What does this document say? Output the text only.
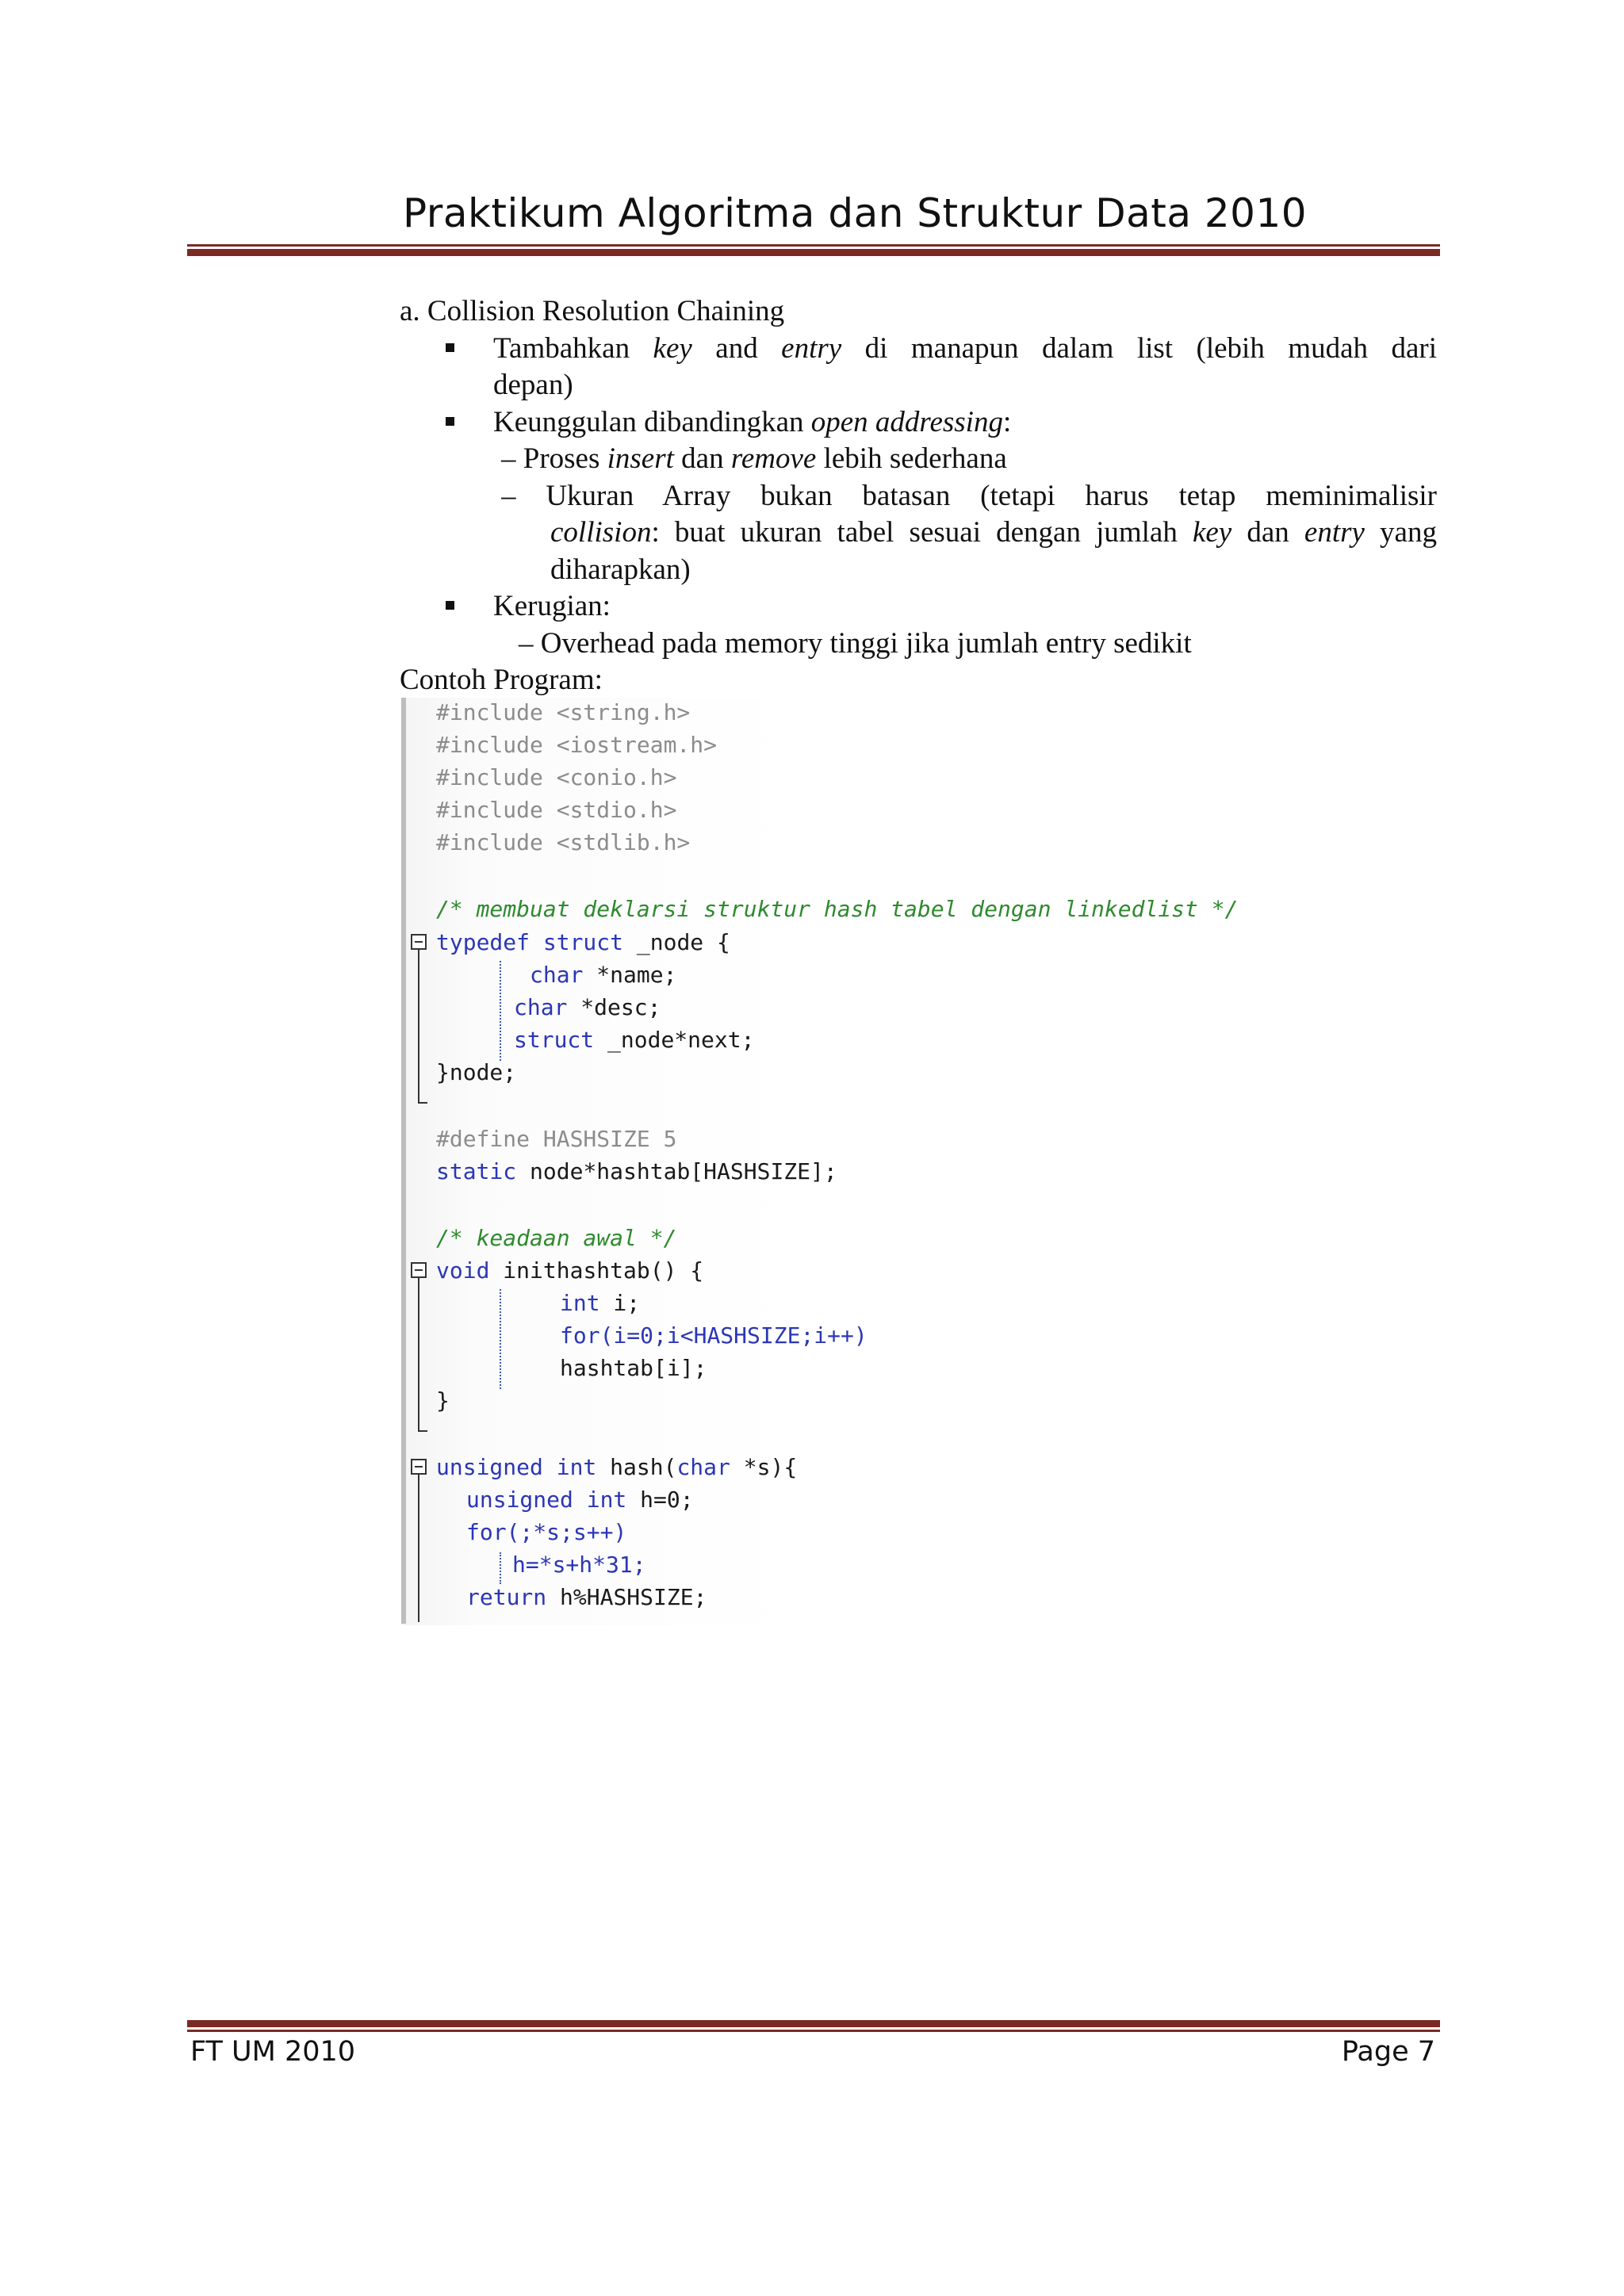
Praktikum Algoritma dan Struktur Data 2010
a. Collision Resolution Chaining
Tambahkan key and entry di manapun dalam list (lebih mudah dari
depan)
Keunggulan dibandingkan open addressing:
– Proses insert dan remove lebih sederhana
– Ukuran Array bukan batasan (tetapi harus tetap meminimalisir
collision: buat ukuran tabel sesuai dengan jumlah key dan entry yang
diharapkan)
Kerugian:
– Overhead pada memory tinggi jika jumlah entry sedikit
Contoh Program:
#include <string.h>
#include <iostream.h>
#include <conio.h>
#include <stdio.h>
#include <stdlib.h>
/* membuat deklarsi struktur hash tabel dengan linkedlist */
typedef struct _node {
char *name;
char *desc;
struct _node*next;
}node;
#define HASHSIZE 5
static node*hashtab[HASHSIZE];
/* keadaan awal */
void inithashtab() {
int i;
for(i=0;i<HASHSIZE;i++)
hashtab[i];
}
unsigned int hash(char *s){
unsigned int h=0;
for(;*s;s++)
h=*s+h*31;
return h%HASHSIZE;
FT UM 2010	Page 7
